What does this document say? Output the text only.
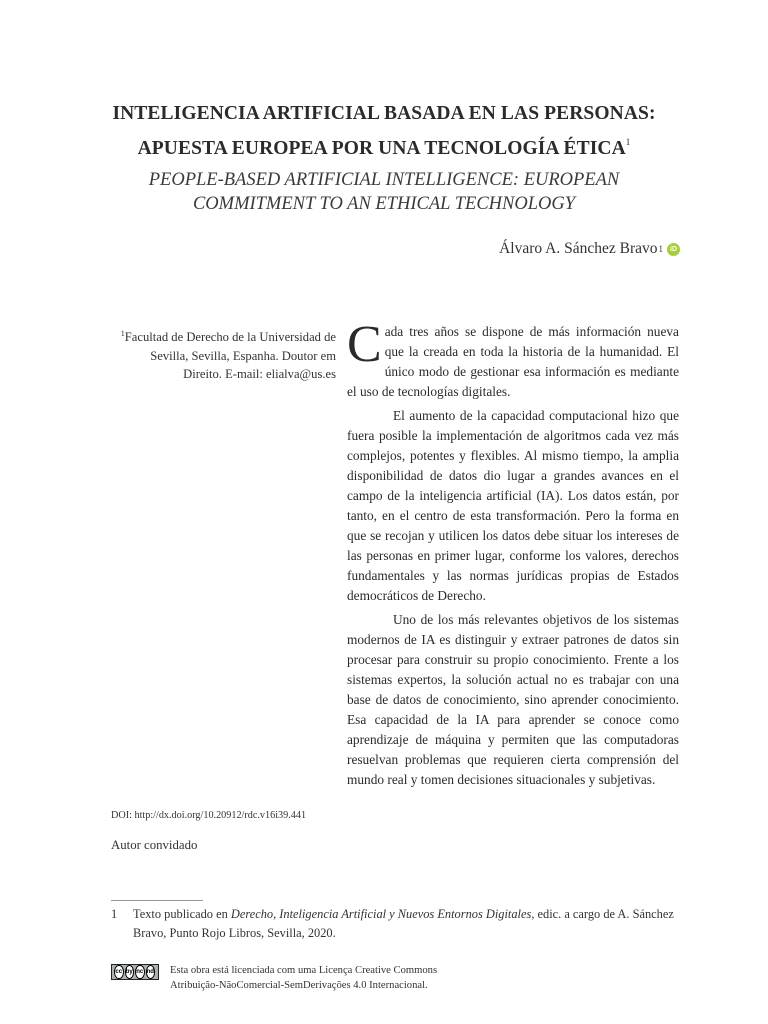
INTELIGENCIA ARTIFICIAL BASADA EN LAS PERSONAS:
APUESTA EUROPEA POR UNA TECNOLOGÍA ÉTICA$^1$
PEOPLE-BASED ARTIFICIAL INTELLIGENCE: EUROPEAN
COMMITMENT TO AN ETHICAL TECHNOLOGY
Álvaro A. Sánchez Bravo 1	iD
$^1$Facultad de Derecho de la Universidad de Sevilla, Sevilla, Espanha. Doutor em Direito. E-mail: elialva@us.es
DOI: http://dx.doi.org/10.20912/rdc.v16i39.441
Autor convidado

Cada tres años se dispone de más información nueva que la creada en toda la historia de la humanidad. El único modo de gestionar esa información es mediante el uso de tecnologías digitales.

El aumento de la capacidad computacional hizo que fuera posible la implementación de algoritmos cada vez más complejos, potentes y flexibles. Al mismo tiempo, la amplia disponibilidad de datos dio lugar a grandes avances en el campo de la inteligencia artificial (IA). Los datos están, por tanto, en el centro de esta transformación. Pero la forma en que se recojan y utilicen los datos debe situar los intereses de las personas en primer lugar, conforme los valores, derechos fundamentales y las normas jurídicas propias de Estados democráticos de Derecho.

Uno de los más relevantes objetivos de los sistemas modernos de IA es distinguir y extraer patrones de datos sin procesar para construir su propio conocimiento. Frente a los sistemas expertos, la solución actual no es trabajar con una base de datos de conocimiento, sino aprender conocimiento. Esa capacidad de la IA para aprender se conoce como aprendizaje de máquina y permiten que las computadoras resuelvan problemas que requieren cierta comprensión del mundo real y tomen decisiones situacionales y subjetivas.

1 Texto publicado en Derecho, Inteligencia Artificial y Nuevos Entornos Digitales, edic. a cargo de A. Sánchez
Bravo, Punto Rojo Libros, Sevilla, 2020.
cc by nc nd Esta obra está licenciada com uma Licença Creative Commons
Atribuição-NãoComercial-SemDerivações 4.0 Internacional.
